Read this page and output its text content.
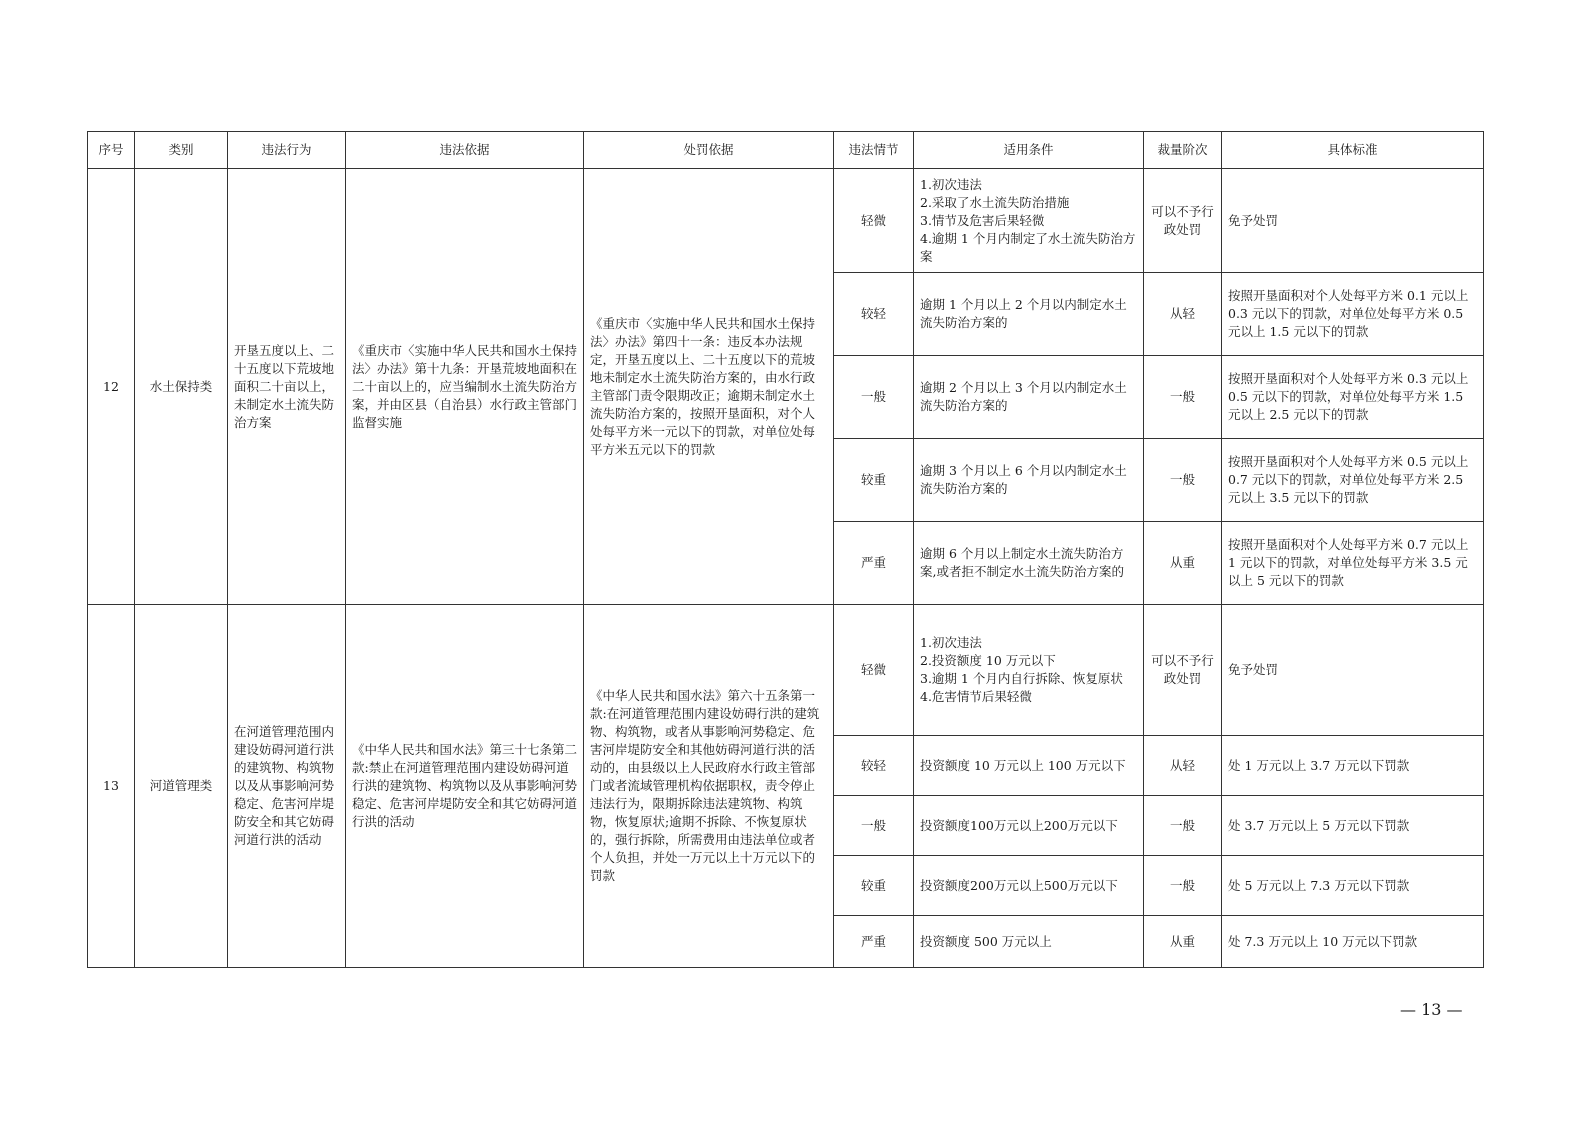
序号	类别	违法行为	违法依据	处罚依据	违法情节	适用条件	裁量阶次	具体标准
12	水土保持类	开垦五度以上、二十五度以下荒坡地面积二十亩以上，未制定水土流失防治方案	《重庆市〈实施中华人民共和国水土保持法〉办法》第十九条：开垦荒坡地面积在二十亩以上的，应当编制水土流失防治方案，并由区县（自治县）水行政主管部门监督实施	《重庆市〈实施中华人民共和国水土保持法〉办法》第四十一条：违反本办法规定，开垦五度以上、二十五度以下的荒坡地未制定水土流失防治方案的，由水行政主管部门责令限期改正；逾期未制定水土流失防治方案的，按照开垦面积，对个人处每平方米一元以下的罚款，对单位处每平方米五元以下的罚款	轻微	1.初次违法
2.采取了水土流失防治措施
3.情节及危害后果轻微
4.逾期 1 个月内制定了水土流失防治方案	可以不予行政处罚	免予处罚
					较轻	逾期 1 个月以上 2 个月以内制定水土流失防治方案的	从轻	按照开垦面积对个人处每平方米 0.1 元以上 0.3 元以下的罚款，对单位处每平方米 0.5 元以上 1.5 元以下的罚款
					一般	逾期 2 个月以上 3 个月以内制定水土流失防治方案的	一般	按照开垦面积对个人处每平方米 0.3 元以上 0.5 元以下的罚款，对单位处每平方米 1.5 元以上 2.5 元以下的罚款
					较重	逾期 3 个月以上 6 个月以内制定水土流失防治方案的	一般	按照开垦面积对个人处每平方米 0.5 元以上 0.7 元以下的罚款，对单位处每平方米 2.5 元以上 3.5 元以下的罚款
					严重	逾期 6 个月以上制定水土流失防治方案,或者拒不制定水土流失防治方案的	从重	按照开垦面积对个人处每平方米 0.7 元以上 1 元以下的罚款，对单位处每平方米 3.5 元以上 5 元以下的罚款
13	河道管理类	在河道管理范围内建设妨碍河道行洪的建筑物、构筑物以及从事影响河势稳定、危害河岸堤防安全和其它妨碍河道行洪的活动	《中华人民共和国水法》第三十七条第二款:禁止在河道管理范围内建设妨碍河道行洪的建筑物、构筑物以及从事影响河势稳定、危害河岸堤防安全和其它妨碍河道行洪的活动	《中华人民共和国水法》第六十五条第一款:在河道管理范围内建设妨碍行洪的建筑物、构筑物，或者从事影响河势稳定、危害河岸堤防安全和其他妨碍河道行洪的活动的，由县级以上人民政府水行政主管部门或者流域管理机构依据职权，责令停止违法行为，限期拆除违法建筑物、构筑物，恢复原状;逾期不拆除、不恢复原状的，强行拆除，所需费用由违法单位或者个人负担，并处一万元以上十万元以下的罚款	轻微	1.初次违法
2.投资额度 10 万元以下
3.逾期 1 个月内自行拆除、恢复原状
4.危害情节后果轻微	可以不予行政处罚	免予处罚
					较轻	投资额度 10 万元以上 100 万元以下	从轻	处 1 万元以上 3.7 万元以下罚款
					一般	投资额度100万元以上200万元以下	一般	处 3.7 万元以上 5 万元以下罚款
					较重	投资额度200万元以上500万元以下	一般	处 5 万元以上 7.3 万元以下罚款
					严重	投资额度 500 万元以上	从重	处 7.3 万元以上 10 万元以下罚款
— 13 —
